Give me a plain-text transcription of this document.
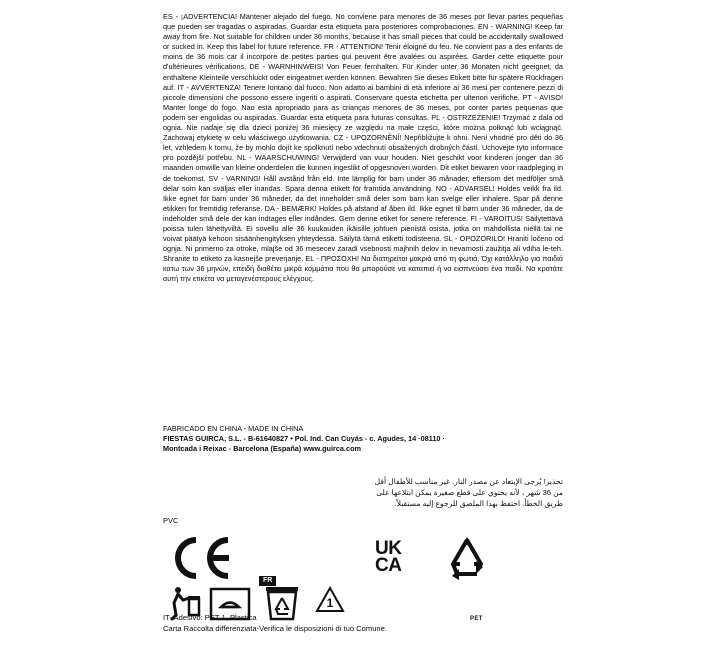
ES - ¡ADVERTENCIA! Mantener alejado del fuego. No conviene para menores de 36 meses por llevar partes pequeñas que pueden ser tragadas o aspiradas. Guardar esta etiqueta para posteriores comprobaciones. EN - WARNING! Keep far away from fire. Not suitable for children under 36 months, because it has small pieces that could be accidentally swallowed or sucked in. Keep this label for future reference. FR - ATTENTION! Tenir éloigné du feu. Ne convient pas a des enfants de moins de 36 mois car il incorpore de petites parties qui peuvent être avalées ou aspirées. Garder cette etiquette pour d'ultérieures vérifications. DE - WARNHINWEIS! Von Feuer fernhalten. Für Kinder unter 36 Monaten nicht geeignet, da enthaltene Kleinteile verschluckt oder eingeatmet werden können. Bewahren Sie dieses Etikett bitte für spätere Rückfragen auf. IT - AVVERTENZA! Tenere lontano dal fuoco. Non adatto ai bambini di età inferiore ai 36 mesi per contenere pezzi di piccole dimensioni che possono essere ingeriti o aspirati. Conservare questa etichetta per ulteriori verifiche. PT - AVISO! Manter longe do fogo. Nao esta apropriado para as crianças menores de 36 meses, por conter partes pequenas que podem ser engolidas ou aspiradas. Guardar esta etiqueta para futuras consultas. PL - OSTRZEŻENIE! Trzymać z dala od ognia. Nie nadaje się dla dzieci poniżej 36 miesięcy ze względu na małe części, które można połknąć lub wciągnąć. Zachowaj etykietę w celu właściwego użytkowania. CZ - UPOZORNĚNÍ! Nepřibližujte k ohni. Není vhodné pro děti do 36 let, vzhledem k tomu, že by mohlo dojít ke spolknutí nebo vdechnutí obsažených drobných částí. Uchovejte tyto informace pro pozdější potřebu. NL - WAARSCHUWING! Verwijderd van vuur houden. Niet geschikt voor kinderen jonger dan 36 maanden omwille van kleine onderdelen die kunnen ingeslikt of opgesnoven worden. Dit etiket bewaren voor raadpleging in de toekomst. SV - VARNING! Håll avstånd från eld. Inte lämplig för barn under 36 månader, eftersom det medföljer små delar som kan sväljas eller inandas. Spara denna etikett för framtida användning. NO - ADVARSEL! Holdes veikk fra ild. Ikke egnet for barn under 36 måneder, da det inneholder små deler som barn kan svelge eller inhalere. Spar på denne etikken for fremtidig referanse. DA - BEMÆRK! Holdes på afstand af åben ild. Ikke egnet til børn under 36 måneder, da de indeholder små dele der kan indtages eller indåndes. Gem denne etiket for senere reference. FI - VAROITUS! Säilytettävä poissa tulen lähettyviltä. Ei sovellu alle 36 kuukauden ikäisille johtuen pienistä osista, jotka on mahdollista niellä tai ne voivat päätyä kehoon sisäänhengityksen yhteydessä. Säilytä tärnä etiketti todisteena. SL - OPOZORILO! Hraniti ločeno od ognja. Ni primerno za otroke, mlajše od 36 mesecev zaradi vsebnosti majhnih delov in nevarnosti zaužitja ali vdiha le-teh. Shranite to etiketo za kasnejše preverjanje. EL - ΠΡΟΣΟΧΗ! Να διατηρείται μακριά από τη φωτιά. Όχι κατάλληλο για παιδιά κατω των 36 μηνών, επειδή διαθέτει μικρά κομμάτια που θα μπορούσε να καταπιεί ή να εισπνεύσει ένα παιδί. Να κρατάτε αυτή την ετικέτα να μεταγενέστερους ελέγχους.
FABRICADO EN CHINA - MADE IN CHINA
FIESTAS GUIRCA, S.L. - B-61640827 • Pol. Ind. Can Cuyás - c. Agudes, 14 ·08110 ·
Montcada i Reixac - Barcelona (España) www.guirca.com
تحذير! يُرجى الإبتعاد عن مصدر النار. غير مناسب للأطفال أقل
من 36 شهر ، لأنه يحتوي على قطع صغيرة يمكن ابتلاعها على
طريق الخطأ. احتفظ بهذا الملصق للرجوع إليه مستقبلاً.
PVC
UK
CA
FR
1
PET
IT- Adesivo: PET 1, Plastica
Carta Raccolta differenziata-Verifica le disposizioni di tuo Comune.
